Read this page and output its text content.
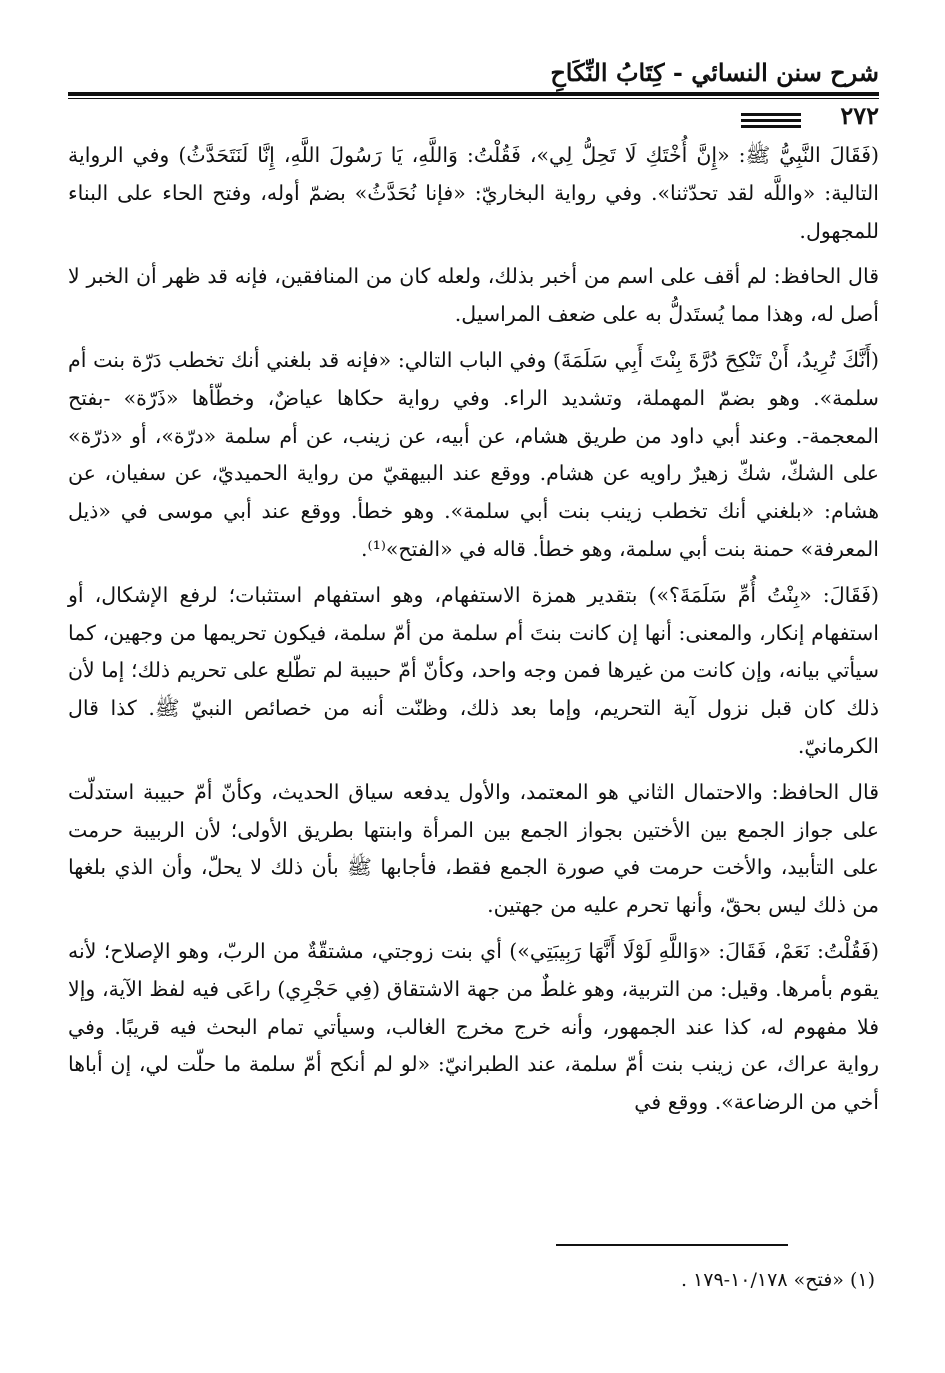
شرح سنن النسائي - كِتَابُ النِّكَاحِ
٢٧٢

(فَقَالَ النَّبِيُّ ﷺ: «إِنَّ أُخْتَكِ لَا تَحِلُّ لِي»، فَقُلْتُ: وَاللَّهِ، يَا رَسُولَ اللَّهِ، إِنَّا لَنَتَحَدَّثُ) وفي الرواية التالية: «واللَّه لقد تحدّثنا». وفي رواية البخاريّ: «فإنا نُحَدَّثُ» بضمّ أوله، وفتح الحاء على البناء للمجهول.

قال الحافظ: لم أقف على اسم من أخبر بذلك، ولعله كان من المنافقين، فإنه قد ظهر أن الخبر لا أصل له، وهذا مما يُستَدلُّ به على ضعف المراسيل.

(أَنَّكَ تُرِيدُ، أَنْ تَنْكِحَ دُرَّةَ بِنْتَ أَبِي سَلَمَةَ) وفي الباب التالي: «فإنه قد بلغني أنك تخطب دَرّة بنت أم سلمة». وهو بضمّ المهملة، وتشديد الراء. وفي رواية حكاها عياضٌ، وخطّأها «ذَرّة» -بفتح المعجمة-. وعند أبي داود من طريق هشام، عن أبيه، عن زينب، عن أم سلمة «درّة»، أو «ذرّة» على الشكّ، شكّ زهيرٌ راويه عن هشام. ووقع عند البيهقيّ من رواية الحميديّ، عن سفيان، عن هشام: «بلغني أنك تخطب زينب بنت أبي سلمة». وهو خطأ. ووقع عند أبي موسى في «ذيل المعرفة» حمنة بنت أبي سلمة، وهو خطأ. قاله في «الفتح»⁽¹⁾.

(فَقَالَ: «بِنْتُ أُمِّ سَلَمَةَ؟») بتقدير همزة الاستفهام، وهو استفهام استثبات؛ لرفع الإشكال، أو استفهام إنكار، والمعنى: أنها إن كانت بنتَ أم سلمة من أمّ سلمة، فيكون تحريمها من وجهين، كما سيأتي بيانه، وإن كانت من غيرها فمن وجه واحد، وكأنّ أمّ حبيبة لم تطّلع على تحريم ذلك؛ إما لأن ذلك كان قبل نزول آية التحريم، وإما بعد ذلك، وظنّت أنه من خصائص النبيّ ﷺ. كذا قال الكرمانيّ.

قال الحافظ: والاحتمال الثاني هو المعتمد، والأول يدفعه سياق الحديث، وكأنّ أمّ حبيبة استدلّت على جواز الجمع بين الأختين بجواز الجمع بين المرأة وابنتها بطريق الأولى؛ لأن الربيبة حرمت على التأبيد، والأخت حرمت في صورة الجمع فقط، فأجابها ﷺ بأن ذلك لا يحلّ، وأن الذي بلغها من ذلك ليس بحقّ، وأنها تحرم عليه من جهتين.

(فَقُلْتُ: نَعَمْ، فَقَالَ: «وَاللَّهِ لَوْلَا أَنَّهَا رَبِيبَتِي») أي بنت زوجتي، مشتقّةٌ من الربّ، وهو الإصلاح؛ لأنه يقوم بأمرها. وقيل: من التربية، وهو غلطٌ من جهة الاشتقاق (فِي حَجْرِي) راعَى فيه لفظ الآية، وإلا فلا مفهوم له، كذا عند الجمهور، وأنه خرج مخرج الغالب، وسيأتي تمام البحث فيه قريبًا. وفي رواية عراك، عن زينب بنت أمّ سلمة، عند الطبرانيّ: «لو لم أنكح أمّ سلمة ما حلّت لي، إن أباها أخي من الرضاعة». ووقع في

(١) «فتح» ١٠/١٧٨-١٧٩ .
